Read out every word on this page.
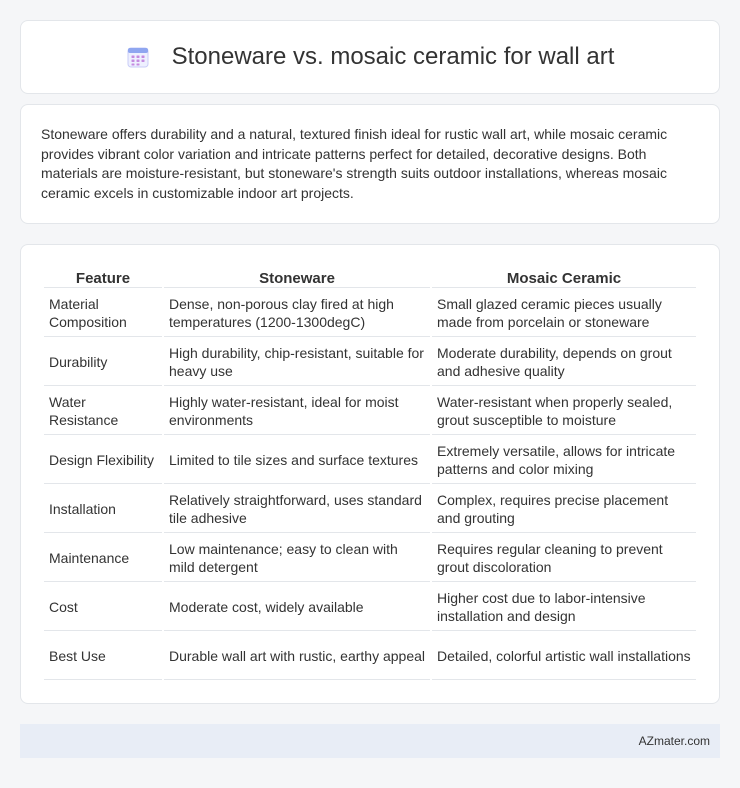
Stoneware vs. mosaic ceramic for wall art

Stoneware offers durability and a natural, textured finish ideal for rustic wall art, while mosaic ceramic provides vibrant color variation and intricate patterns perfect for detailed, decorative designs. Both materials are moisture-resistant, but stoneware's strength suits outdoor installations, whereas mosaic ceramic excels in customizable indoor art projects.

Feature	Stoneware	Mosaic Ceramic
Material Composition	Dense, non-porous clay fired at high temperatures (1200-1300degC)	Small glazed ceramic pieces usually made from porcelain or stoneware
Durability	High durability, chip-resistant, suitable for heavy use	Moderate durability, depends on grout and adhesive quality
Water Resistance	Highly water-resistant, ideal for moist environments	Water-resistant when properly sealed, grout susceptible to moisture
Design Flexibility	Limited to tile sizes and surface textures	Extremely versatile, allows for intricate patterns and color mixing
Installation	Relatively straightforward, uses standard tile adhesive	Complex, requires precise placement and grouting
Maintenance	Low maintenance; easy to clean with mild detergent	Requires regular cleaning to prevent grout discoloration
Cost	Moderate cost, widely available	Higher cost due to labor-intensive installation and design
Best Use	Durable wall art with rustic, earthy appeal	Detailed, colorful artistic wall installations
AZmater.com
